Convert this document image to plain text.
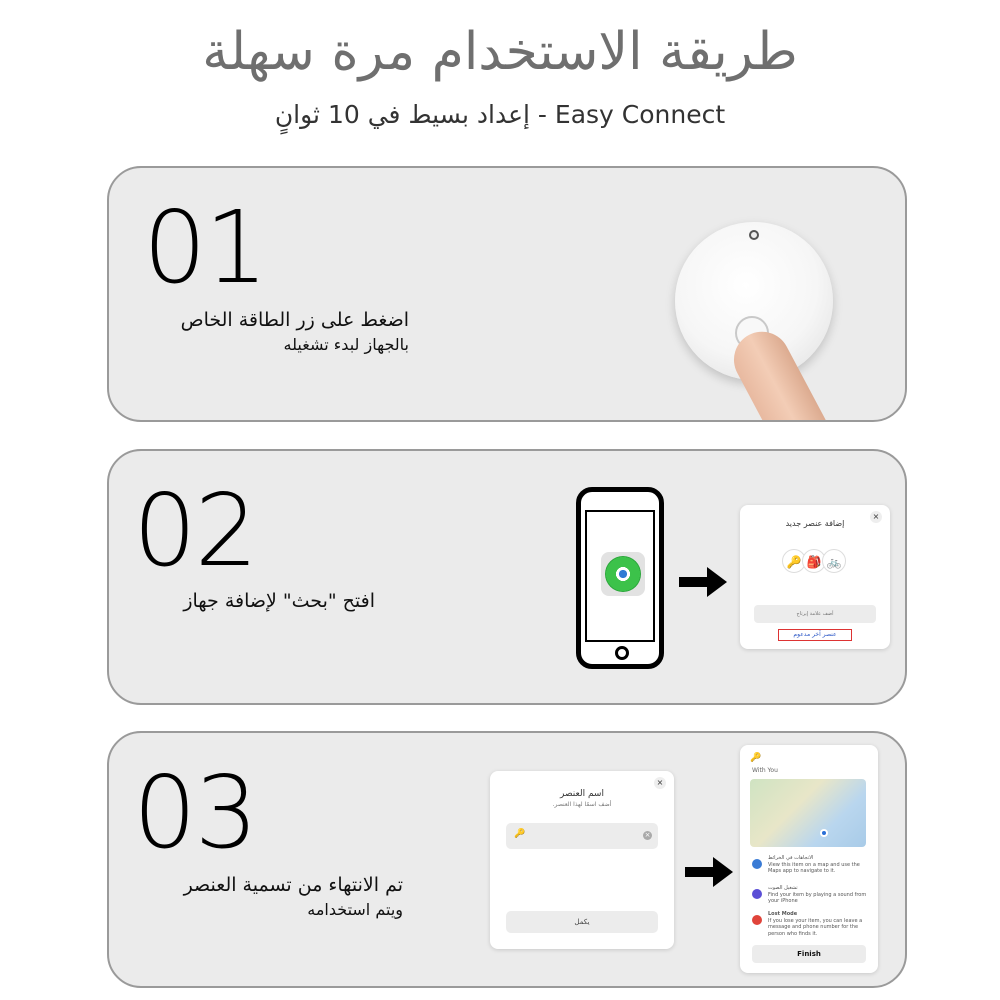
طريقة الاستخدام مرة سهلة
Easy Connect - إعداد بسيط في 10 ثوانٍ
01
اضغط على زر الطاقة الخاص
بالجهاز لبدء تشغيله
02
افتح "بحث" لإضافة جهاز
×
إضافة عنصر جديد
🔑 🎒 🚲
أضف علامة إيرتاج
عنصر آخر مدعوم
03
تم الانتهاء من تسمية العنصر
ويتم استخدامه
×
اسم العنصر
أضف اسمًا لهذا العنصر.
🔑	×
يكمل
🔑
With You
الاتجاهات في الخرائط
View this item on a map and use the Maps app to navigate to it.
تشغيل الصوت
Find your item by playing a sound from your iPhone
Lost Mode
If you lose your item, you can leave a message and phone number for the person who finds it.
Finish
